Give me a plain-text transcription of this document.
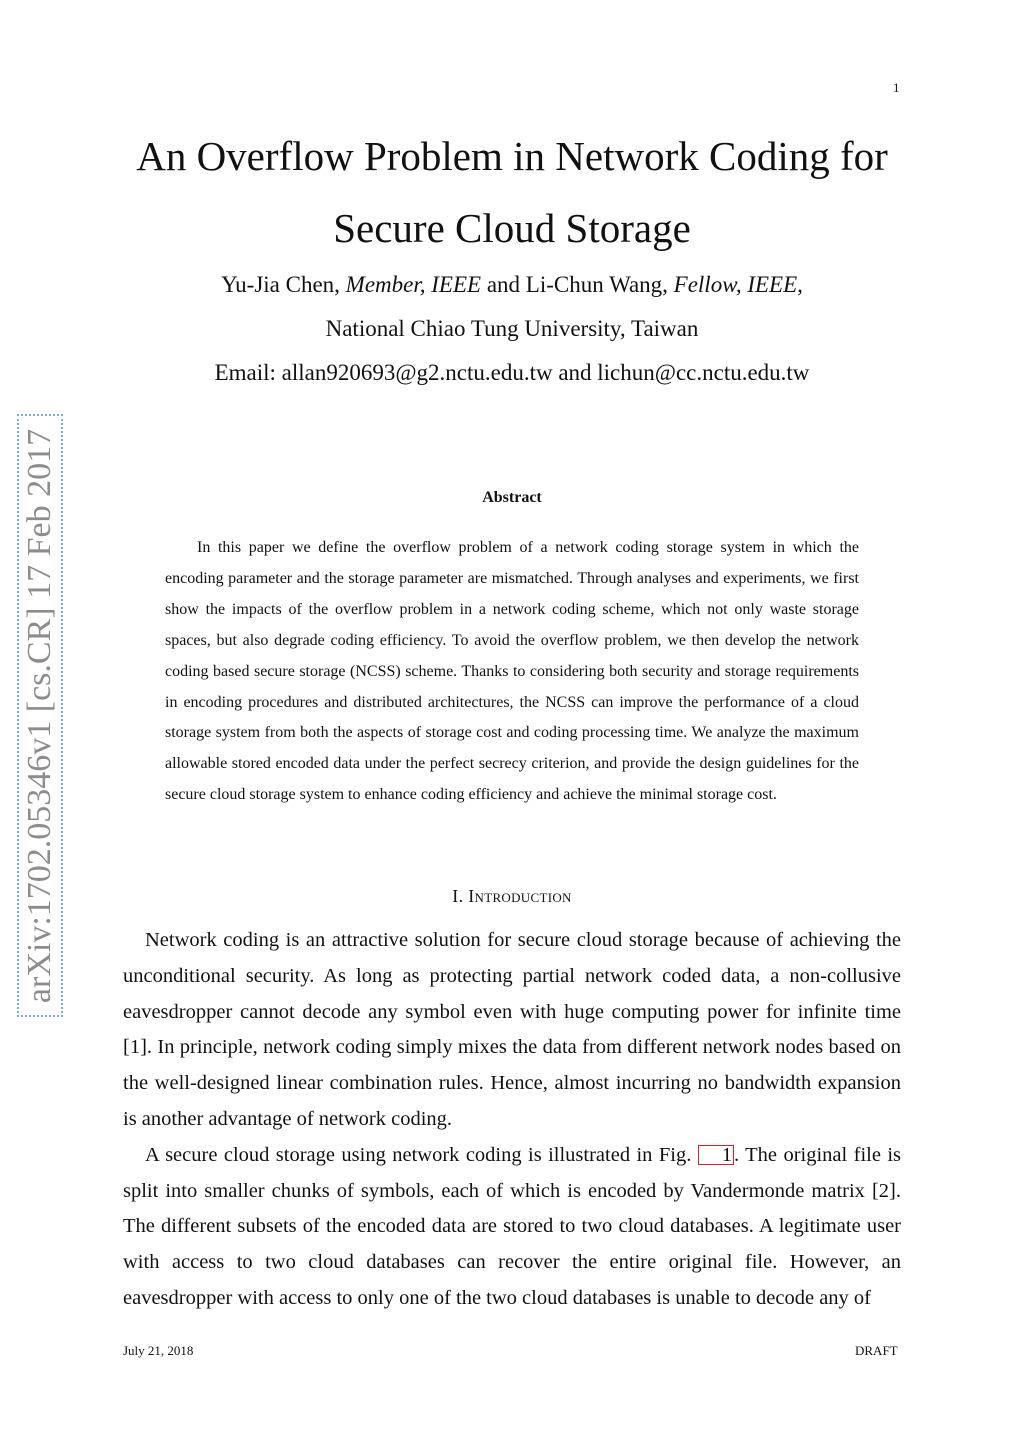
1
An Overflow Problem in Network Coding for Secure Cloud Storage
Yu-Jia Chen, Member, IEEE and Li-Chun Wang, Fellow, IEEE,
National Chiao Tung University, Taiwan
Email: allan920693@g2.nctu.edu.tw and lichun@cc.nctu.edu.tw
arXiv:1702.05346v1 [cs.CR] 17 Feb 2017	Abstract

In this paper we define the overflow problem of a network coding storage system in which the encoding parameter and the storage parameter are mismatched. Through analyses and experiments, we first show the impacts of the overflow problem in a network coding scheme, which not only waste storage spaces, but also degrade coding efficiency. To avoid the overflow problem, we then develop the network coding based secure storage (NCSS) scheme. Thanks to considering both security and storage requirements in encoding procedures and distributed architectures, the NCSS can improve the performance of a cloud storage system from both the aspects of storage cost and coding processing time. We analyze the maximum allowable stored encoded data under the perfect secrecy criterion, and provide the design guidelines for the secure cloud storage system to enhance coding efficiency and achieve the minimal storage cost.

I. Introduction

Network coding is an attractive solution for secure cloud storage because of achieving the unconditional security. As long as protecting partial network coded data, a non-collusive eavesdropper cannot decode any symbol even with huge computing power for infinite time [1]. In principle, network coding simply mixes the data from different network nodes based on the well-designed linear combination rules. Hence, almost incurring no bandwidth expansion is another advantage of network coding.

A secure cloud storage using network coding is illustrated in Fig. 1. The original file is split into smaller chunks of symbols, each of which is encoded by Vandermonde matrix [2]. The different subsets of the encoded data are stored to two cloud databases. A legitimate user with access to two cloud databases can recover the entire original file. However, an eavesdropper with access to only one of the two cloud databases is unable to decode any of

July 21, 2018	DRAFT
